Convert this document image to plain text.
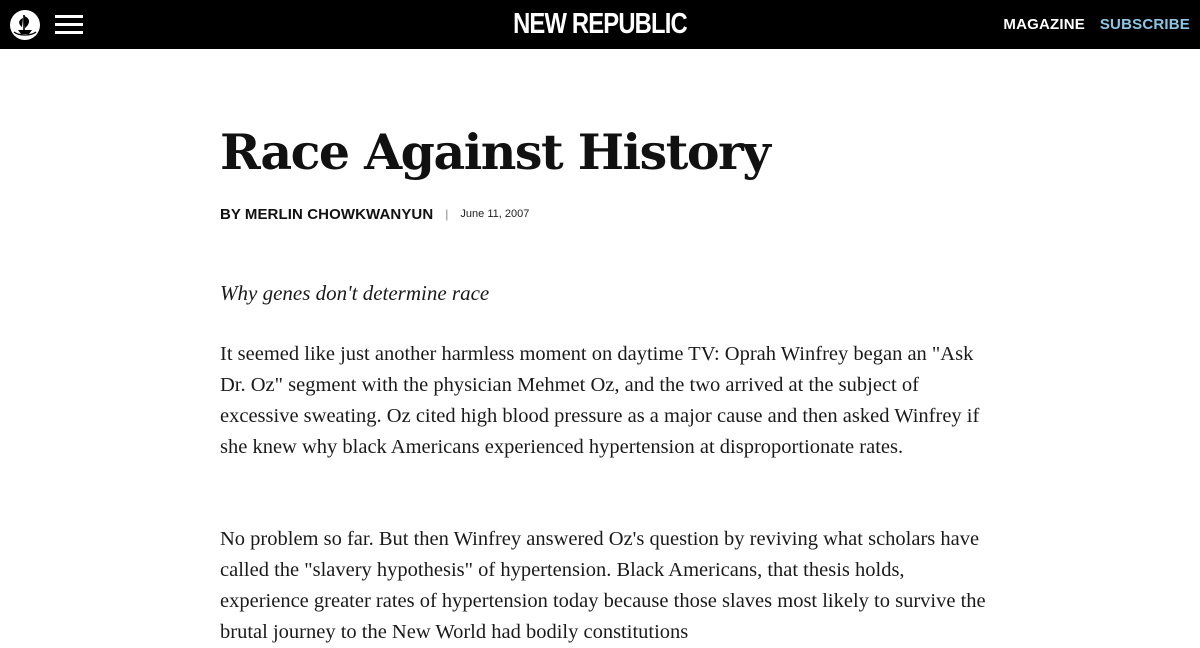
NEW REPUBLIC	MAGAZINE SUBSCRIBE
Race Against History
BY MERLIN CHOWKWANYUN | June 11, 2007

Why genes don't determine race

It seemed like just another harmless moment on daytime TV: Oprah Winfrey began an "Ask Dr. Oz" segment with the physician Mehmet Oz, and the two arrived at the subject of excessive sweating. Oz cited high blood pressure as a major cause and then asked Winfrey if she knew why black Americans experienced hypertension at disproportionate rates.

No problem so far. But then Winfrey answered Oz's question by reviving what scholars have called the "slavery hypothesis" of hypertension. Black Americans, that thesis holds, experience greater rates of hypertension today because those slaves most likely to survive the brutal journey to the New World had bodily constitutions
